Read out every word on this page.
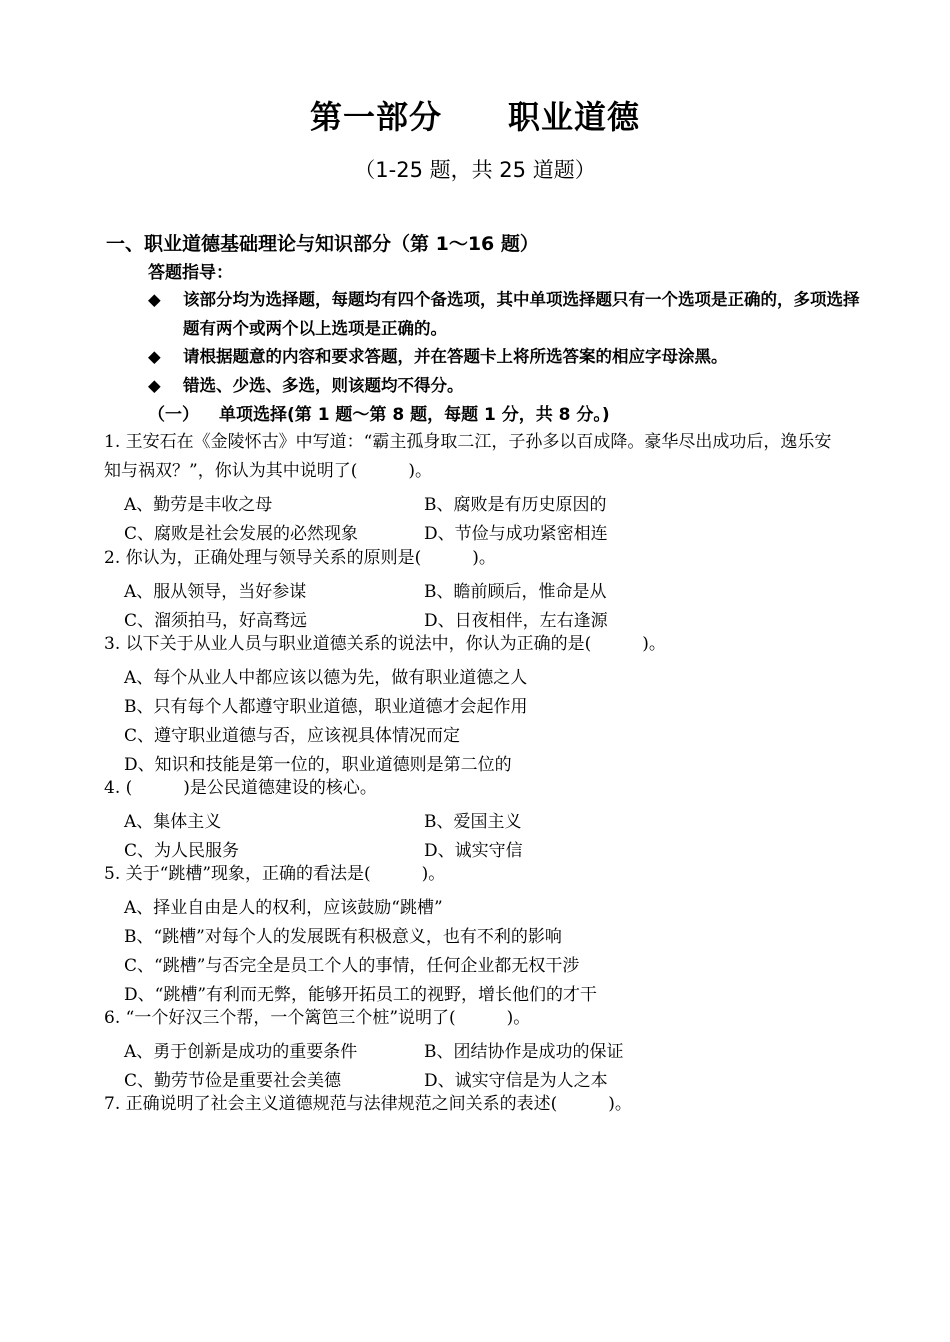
第一部分 职业道德
（1-25 题，共 25 道题）
一、职业道德基础理论与知识部分（第 1～16 题）
答题指导：
◆ 该部分均为选择题，每题均有四个备选项，其中单项选择题只有一个选项是正确的，多项选择题有两个或两个以上选项是正确的。
◆ 请根据题意的内容和要求答题，并在答题卡上将所选答案的相应字母涂黑。
◆ 错选、少选、多选，则该题均不得分。
（一） 单项选择(第 1 题～第 8 题，每题 1 分，共 8 分。)
1. 王安石在《金陵怀古》中写道：“霸主孤身取二江，子孙多以百成降。豪华尽出成功后，逸乐安知与祸双？”，你认为其中说明了(　　　)。
A、勤劳是丰收之母	B、腐败是有历史原因的
C、腐败是社会发展的必然现象	D、节俭与成功紧密相连
2. 你认为，正确处理与领导关系的原则是(　　　)。
A、服从领导，当好参谋	B、瞻前顾后，惟命是从
C、溜须拍马，好高骛远	D、日夜相伴，左右逢源
3. 以下关于从业人员与职业道德关系的说法中，你认为正确的是(　　　)。
A、每个从业人中都应该以德为先，做有职业道德之人
B、只有每个人都遵守职业道德，职业道德才会起作用
C、遵守职业道德与否，应该视具体情况而定
D、知识和技能是第一位的，职业道德则是第二位的
4. (　　　)是公民道德建设的核心。
A、集体主义	B、爱国主义
C、为人民服务	D、诚实守信
5. 关于“跳槽”现象，正确的看法是(　　　)。
A、择业自由是人的权利，应该鼓励“跳槽”
B、“跳槽”对每个人的发展既有积极意义，也有不利的影响
C、“跳槽”与否完全是员工个人的事情，任何企业都无权干涉
D、“跳槽”有利而无弊，能够开拓员工的视野，增长他们的才干
6. “一个好汉三个帮，一个篱笆三个桩”说明了(　　　)。
A、勇于创新是成功的重要条件	B、团结协作是成功的保证
C、勤劳节俭是重要社会美德	D、诚实守信是为人之本
7. 正确说明了社会主义道德规范与法律规范之间关系的表述(　　　)。
